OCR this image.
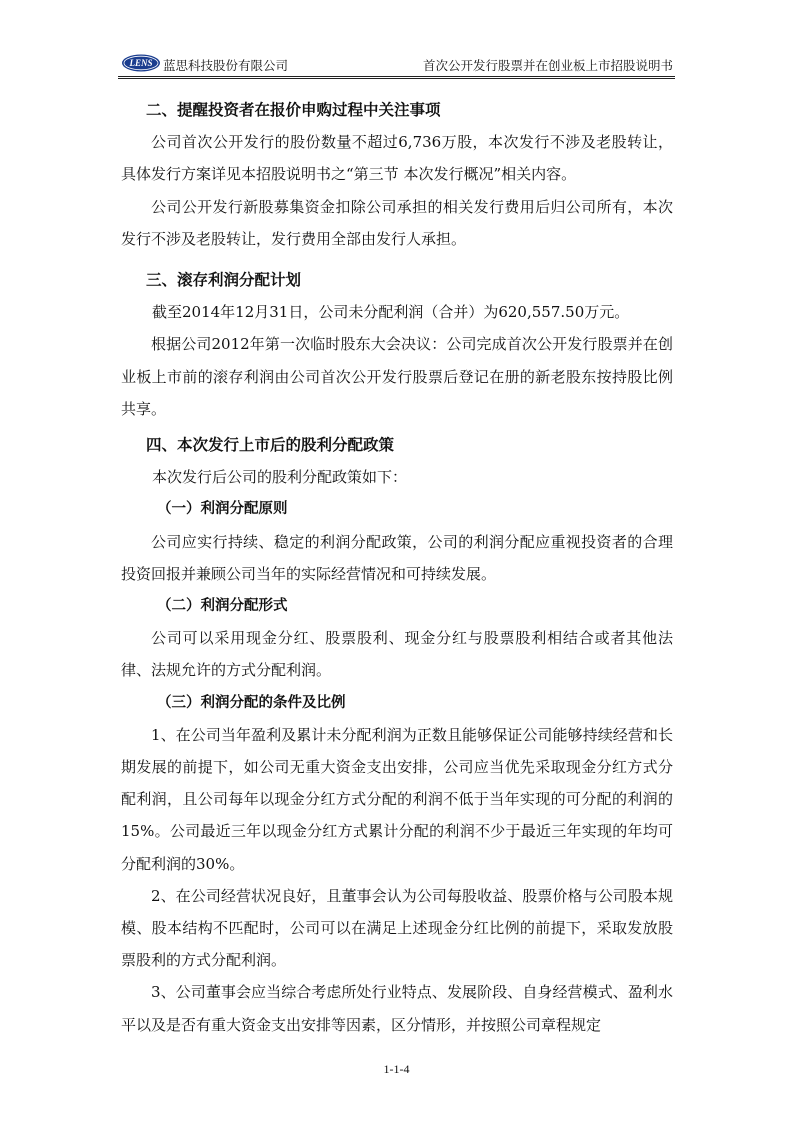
LENS 蓝思科技股份有限公司	首次公开发行股票并在创业板上市招股说明书

二、提醒投资者在报价申购过程中关注事项

公司首次公开发行的股份数量不超过6,736万股，本次发行不涉及老股转让，具体发行方案详见本招股说明书之“第三节 本次发行概况”相关内容。

公司公开发行新股募集资金扣除公司承担的相关发行费用后归公司所有，本次发行不涉及老股转让，发行费用全部由发行人承担。

三、滚存利润分配计划

截至2014年12月31日，公司未分配利润（合并）为620,557.50万元。

根据公司2012年第一次临时股东大会决议：公司完成首次公开发行股票并在创业板上市前的滚存利润由公司首次公开发行股票后登记在册的新老股东按持股比例共享。

四、本次发行上市后的股利分配政策

本次发行后公司的股利分配政策如下：

（一）利润分配原则

公司应实行持续、稳定的利润分配政策，公司的利润分配应重视投资者的合理投资回报并兼顾公司当年的实际经营情况和可持续发展。

（二）利润分配形式

公司可以采用现金分红、股票股利、现金分红与股票股利相结合或者其他法律、法规允许的方式分配利润。

（三）利润分配的条件及比例

1、在公司当年盈利及累计未分配利润为正数且能够保证公司能够持续经营和长期发展的前提下，如公司无重大资金支出安排，公司应当优先采取现金分红方式分配利润，且公司每年以现金分红方式分配的利润不低于当年实现的可分配的利润的15%。公司最近三年以现金分红方式累计分配的利润不少于最近三年实现的年均可分配利润的30%。

2、在公司经营状况良好，且董事会认为公司每股收益、股票价格与公司股本规模、股本结构不匹配时，公司可以在满足上述现金分红比例的前提下，采取发放股票股利的方式分配利润。

3、公司董事会应当综合考虑所处行业特点、发展阶段、自身经营模式、盈利水平以及是否有重大资金支出安排等因素，区分情形，并按照公司章程规定

1-1-4
